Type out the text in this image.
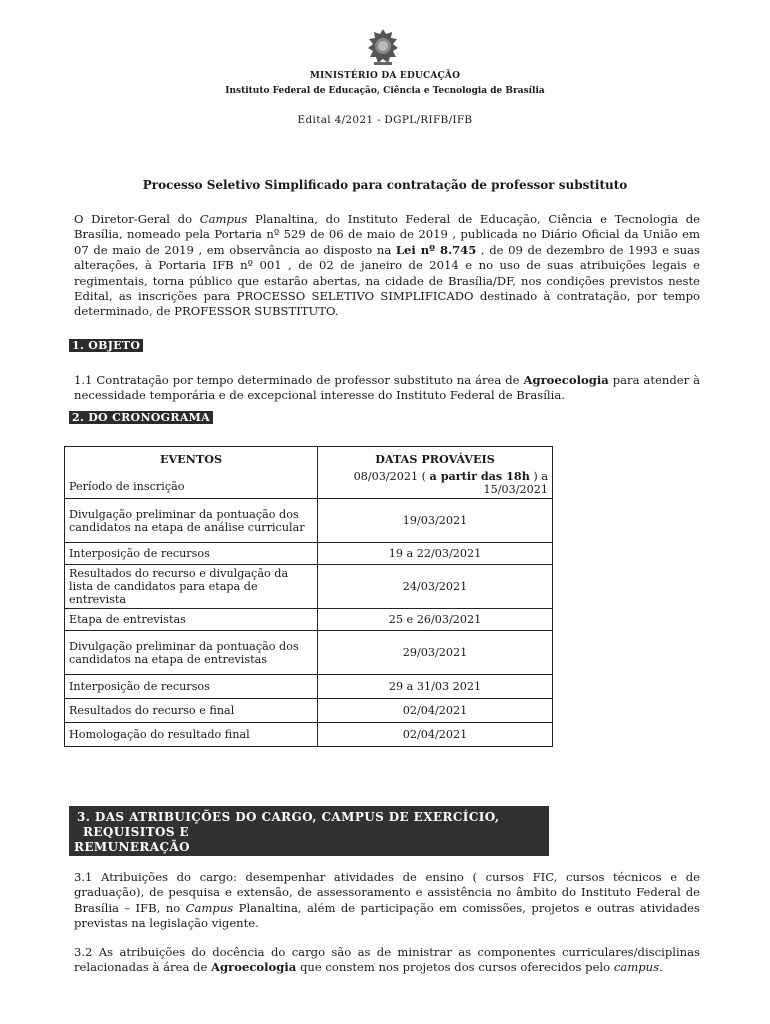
MINISTÉRIO DA EDUCAÇÃO
Instituto Federal de Educação, Ciência e Tecnologia de Brasília
Edital 4/2021 - DGPL/RIFB/IFB
Processo Seletivo Simplificado para contratação de professor substituto
O Diretor-Geral do Campus Planaltina, do Instituto Federal de Educação, Ciência e Tecnologia de Brasília, nomeado pela Portaria nº 529 de 06 de maio de 2019 , publicada no Diário Oficial da União em 07 de maio de 2019 , em observância ao disposto na Lei nº 8.745 , de 09 de dezembro de 1993 e suas alterações, à Portaria IFB nº 001 , de 02 de janeiro de 2014 e no uso de suas atribuições legais e regimentais, torna público que estarão abertas, na cidade de Brasília/DF, nos condições previstos neste Edital, as inscrições para PROCESSO SELETIVO SIMPLIFICADO destinado à contratação, por tempo determinado, de PROFESSOR SUBSTITUTO.
1. OBJETO
1.1 Contratação por tempo determinado de professor substituto na área de Agroecologia para atender à necessidade temporária e de excepcional interesse do Instituto Federal de Brasília.
2. DO CRONOGRAMA
EVENTOS	DATAS PROVÁVEIS
Período de inscrição	08/03/2021 ( a partir das 18h ) a 15/03/2021
Divulgação preliminar da pontuação dos candidatos na etapa de análise curricular	19/03/2021
Interposição de recursos	19 a 22/03/2021
Resultados do recurso e divulgação da lista de candidatos para etapa de entrevista	24/03/2021
Etapa de entrevistas	25 e 26/03/2021
Divulgação preliminar da pontuação dos candidatos na etapa de entrevistas	29/03/2021
Interposição de recursos	29 a 31/03 2021
Resultados do recurso e final	02/04/2021
Homologação do resultado final	02/04/2021
3. DAS ATRIBUIÇÕES DO CARGO, CAMPUS DE EXERCÍCIO,
REQUISITOS E
REMUNERAÇÃO
3.1 Atribuições do cargo: desempenhar atividades de ensino ( cursos FIC, cursos técnicos e de graduação), de pesquisa e extensão, de assessoramento e assistência no âmbito do Instituto Federal de Brasília – IFB, no Campus Planaltina, além de participação em comissões, projetos e outras atividades previstas na legislação vigente.
3.2 As atribuições do docência do cargo são as de ministrar as componentes curriculares/disciplinas relacionadas à área de Agroecologia que constem nos projetos dos cursos oferecidos pelo campus.
